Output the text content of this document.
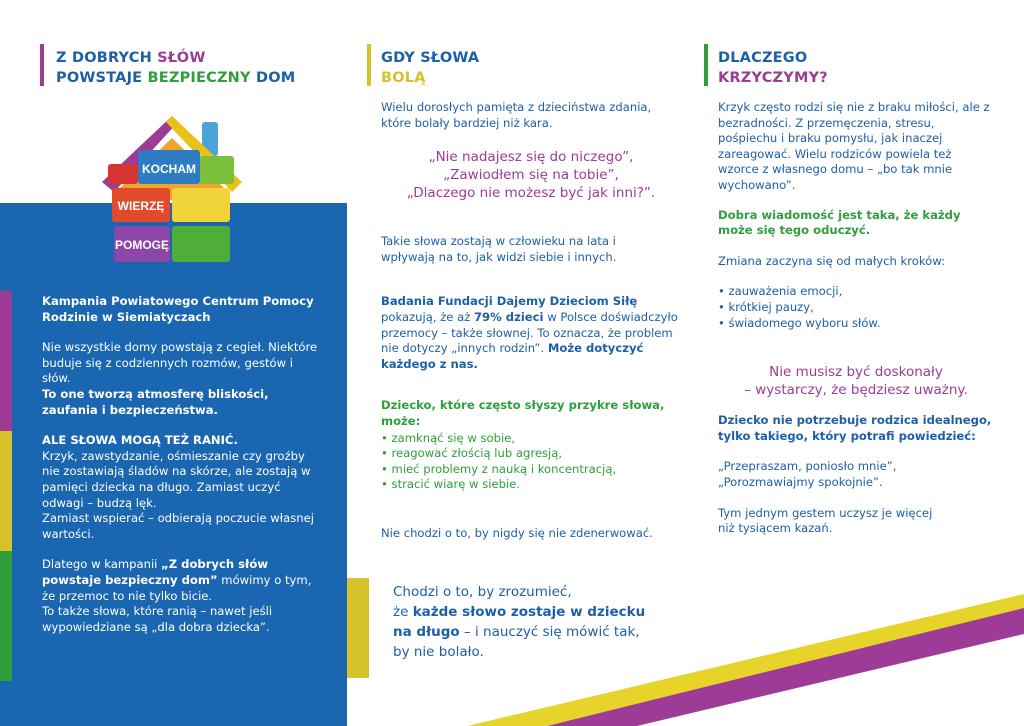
Z DOBRYCH SŁÓW
POWSTAJE BEZPIECZNY DOM
KOCHAM
WIERZĘ
POMOGĘ

Kampania Powiatowego Centrum Pomocy Rodzinie w Siemiatyczach

Nie wszystkie domy powstają z cegieł. Niektóre buduje się z codziennych rozmów, gestów i słów.
To one tworzą atmosferę bliskości, zaufania i bezpieczeństwa.

ALE SŁOWA MOGĄ TEŻ RANIĆ.
Krzyk, zawstydzanie, ośmieszanie czy groźby nie zostawiają śladów na skórze, ale zostają w pamięci dziecka na długo. Zamiast uczyć odwagi – budzą lęk.
Zamiast wspierać – odbierają poczucie własnej wartości.

Dlatego w kampanii „Z dobrych słów powstaje bezpieczny dom” mówimy o tym, że przemoc to nie tylko bicie.
To także słowa, które ranią – nawet jeśli wypowiedziane są „dla dobra dziecka”.

GDY SŁOWA
BOLĄ

Wielu dorosłych pamięta z dzieciństwa zdania, które bolały bardziej niż kara.

„Nie nadajesz się do niczego”,
„Zawiodłem się na tobie”,
„Dlaczego nie możesz być jak inni?”.

Takie słowa zostają w człowieku na lata i wpływają na to, jak widzi siebie i innych.

Badania Fundacji Dajemy Dzieciom Siłę pokazują, że aż 79% dzieci w Polsce doświadczyło przemocy – także słownej. To oznacza, że problem nie dotyczy „innych rodzin”. Może dotyczyć każdego z nas.

Dziecko, które często słyszy przykre słowa, może:

• zamknąć się w sobie,
• reagować złością lub agresją,
• mieć problemy z nauką i koncentracją,
• stracić wiarę w siebie.

Nie chodzi o to, by nigdy się nie zdenerwować.

Chodzi o to, by zrozumieć,
że każde słowo zostaje w dziecku
na długo – i nauczyć się mówić tak,
by nie bolało.
DLACZEGO
KRZYCZYMY?

Krzyk często rodzi się nie z braku miłości, ale z bezradności. Z przemęczenia, stresu, pośpiechu i braku pomysłu, jak inaczej zareagować. Wielu rodziców powiela też wzorce z własnego domu – „bo tak mnie wychowano”.

Dobra wiadomość jest taka, że każdy może się tego oduczyć.

Zmiana zaczyna się od małych kroków:

• zauważenia emocji,
• krótkiej pauzy,
• świadomego wyboru słów.
Nie musisz być doskonały
– wystarczy, że będziesz uważny.

Dziecko nie potrzebuje rodzica idealnego, tylko takiego, który potrafi powiedzieć:

„Przepraszam, poniosło mnie”,
„Porozmawiajmy spokojnie”.

Tym jednym gestem uczysz je więcej niż tysiącem kazań.
